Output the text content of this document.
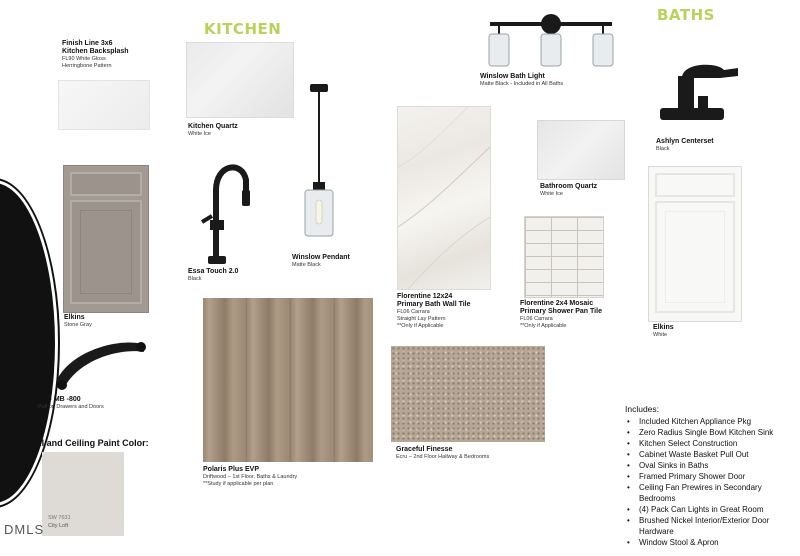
KITCHEN
BATHS
Finish Line 3x6
Kitchen Backsplash
FL90 White Gloss
Herringbone Pattern
Kitchen Quartz
White Ice
Elkins
Stone Gray
HP - MB -800
Pull on Drawers and Doors
Wall and Ceiling Paint Color:
SW 7631
City Loft
DMLS
Essa Touch 2.0
Black
Winslow Pendant
Matte Black
Polaris Plus EVP
Driftwood – 1st Floor, Baths & Laundry
**Study if applicable per plan
Florentine 12x24
Primary Bath Wall Tile
FL06 Carrara
Straight Lay Pattern
**Only if Applicable
Graceful Finesse
Ecru – 2nd Floor Hallway & Bedrooms
Winslow Bath Light
Matte Black - Included in All Baths
Ashlyn Centerset
Black
Bathroom Quartz
White Ice
Florentine 2x4 Mosaic
Primary Shower Pan Tile
FL06 Carrara
**Only if Applicable	Elkins
White
Includes:
• Included Kitchen Appliance Pkg
• Zero Radius Single Bowl Kitchen Sink
• Kitchen Select Construction
• Cabinet Waste Basket Pull Out
• Oval Sinks in Baths
• Framed Primary Shower Door
• Ceiling Fan Prewires in Secondary Bedrooms
• (4) Pack Can Lights in Great Room
• Brushed Nickel Interior/Exterior Door Hardware
• Window Stool & Apron
